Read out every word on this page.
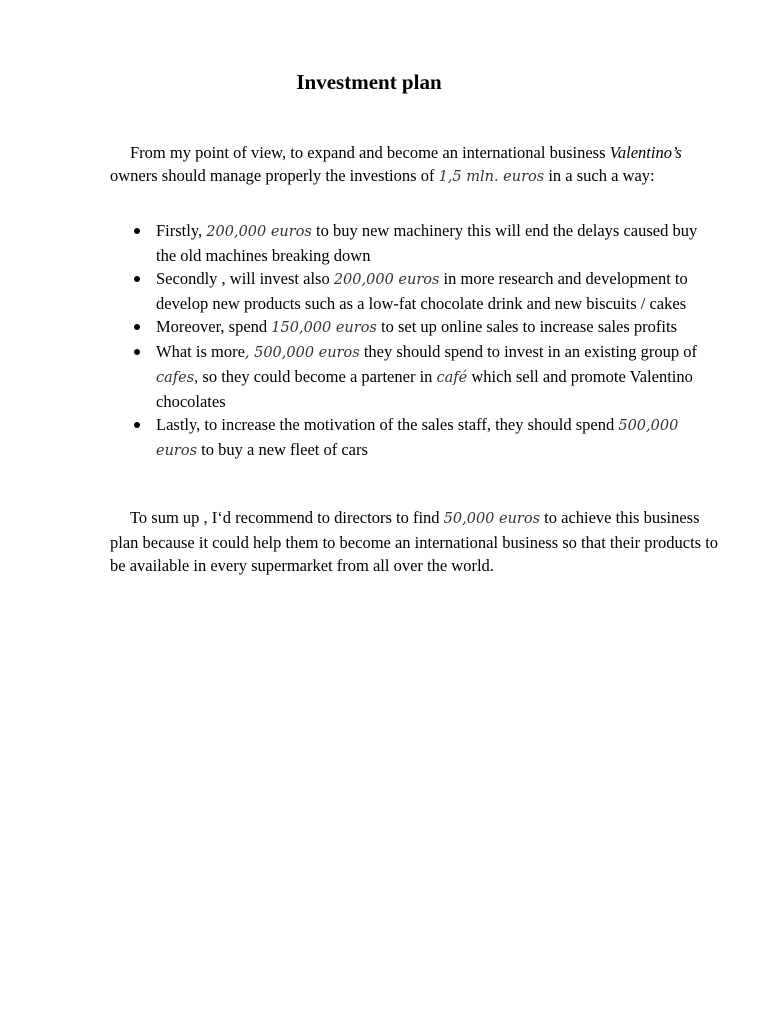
Investment plan

From my point of view, to expand and become an international business Valentino’s owners should manage properly the investions of 1,5 mln. euros in a such a way:

Firstly, 200,000 euros to buy new machinery this will end the delays caused buy the old machines breaking down
Secondly , will invest also 200,000 euros in more research and development to develop new products such as a low-fat chocolate drink and new biscuits / cakes
Moreover, spend 150,000 euros to set up online sales to increase sales profits
What is more, 500,000 euros they should spend to invest in an existing group of cafes, so they could become a partener in café which sell and promote Valentino chocolates
Lastly, to increase the motivation of the sales staff, they should spend 500,000 euros to buy a new fleet of cars

To sum up , I‘d recommend to directors to find 50,000 euros to achieve this business plan because it could help them to become an international business so that their products to be available in every supermarket from all over the world.
